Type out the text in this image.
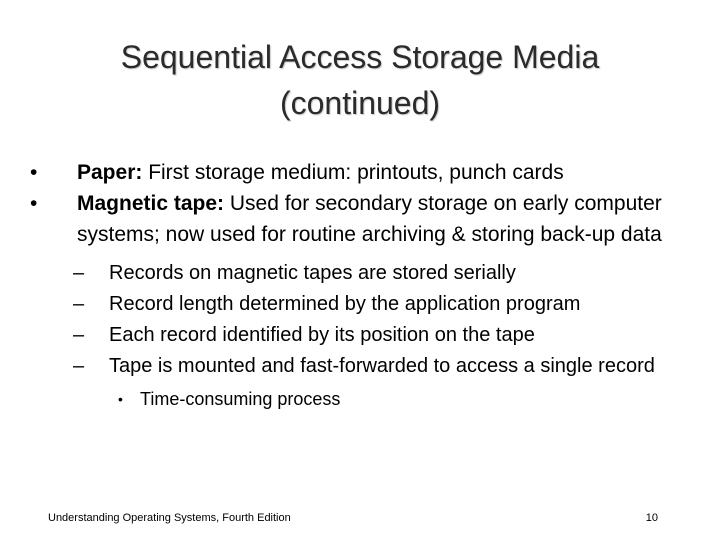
Sequential Access Storage Media
(continued)
• Paper: First storage medium: printouts, punch cards
• Magnetic tape: Used for secondary storage on early computer systems; now used for routine archiving & storing back-up data
– Records on magnetic tapes are stored serially
– Record length determined by the application program
– Each record identified by its position on the tape
– Tape is mounted and fast-forwarded to access a single record
• Time-consuming process
Understanding Operating Systems, Fourth Edition	10
